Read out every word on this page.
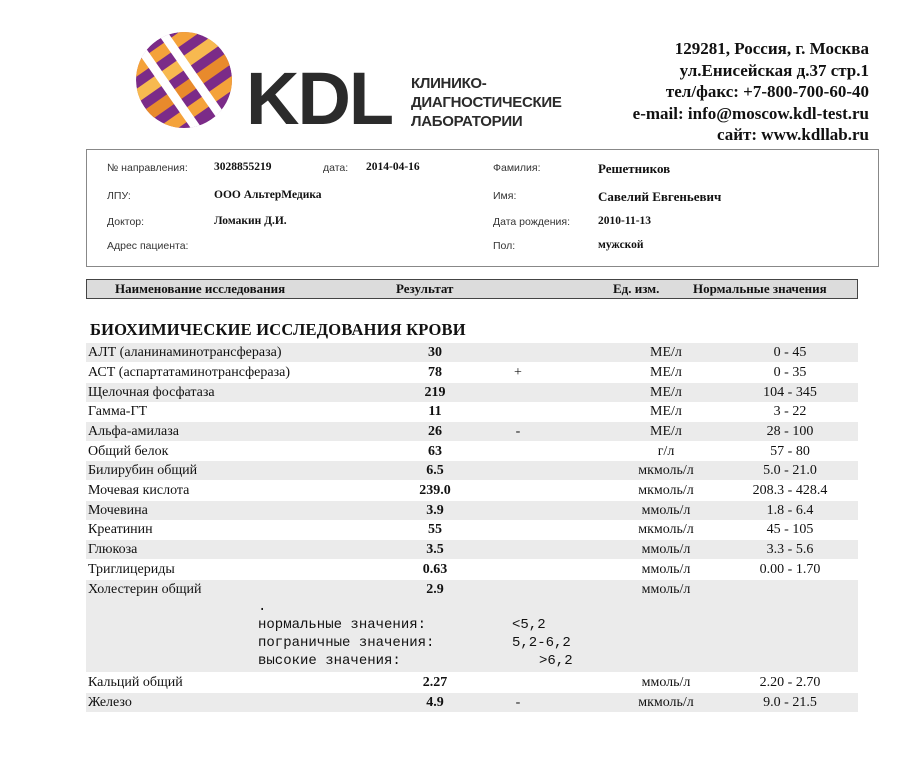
KDL КЛИНИКО-
ДИАГНОСТИЧЕСКИЕ
ЛАБОРАТОРИИ
129281, Россия, г. Москва
ул.Енисейская д.37 стр.1
тел/факс: +7-800-700-60-40
e-mail: info@moscow.kdl-test.ru
сайт: www.kdllab.ru
№ направления: 3028855219	дата: 2014-04-16
ЛПУ:	ООО АльтерМедика
Доктор:	Ломакин Д.И.
Адрес пациента:
Фамилия:	Решетников
Имя:	Савелий Евгеньевич
Дата рождения: 2010-11-13
Пол:	мужской
Наименование исследования	Результат	Ед. изм.	Нормальные значения
БИОХИМИЧЕСКИЕ ИССЛЕДОВАНИЯ КРОВИ
АЛТ (аланинаминотрансфераза)	30	МЕ/л	0 - 45
АСТ (аспартатаминотрансфераза)	78	+	МЕ/л	0 - 35
Щелочная фосфатаза	219	МЕ/л	104 - 345
Гамма-ГТ	11	МЕ/л	3 - 22
Альфа-амилаза	26	-	МЕ/л	28 - 100
Общий белок	63	г/л	57 - 80
Билирубин общий	6.5	мкмоль/л	5.0 - 21.0
Мочевая кислота	239.0	мкмоль/л	208.3 - 428.4
Мочевина	3.9	ммоль/л	1.8 - 6.4
Креатинин	55	мкмоль/л	45 - 105
Глюкоза	3.5	ммоль/л	3.3 - 5.6
Триглицериды	0.63	ммоль/л	0.00 - 1.70
Холестерин общий	2.9	ммоль/л
.
нормальные значения:	<5,2
пограничные значения:	5,2-6,2
высокие значения:	>6,2
Кальций общий	2.27	ммоль/л	2.20 - 2.70
Железо	4.9	-	мкмоль/л	9.0 - 21.5
